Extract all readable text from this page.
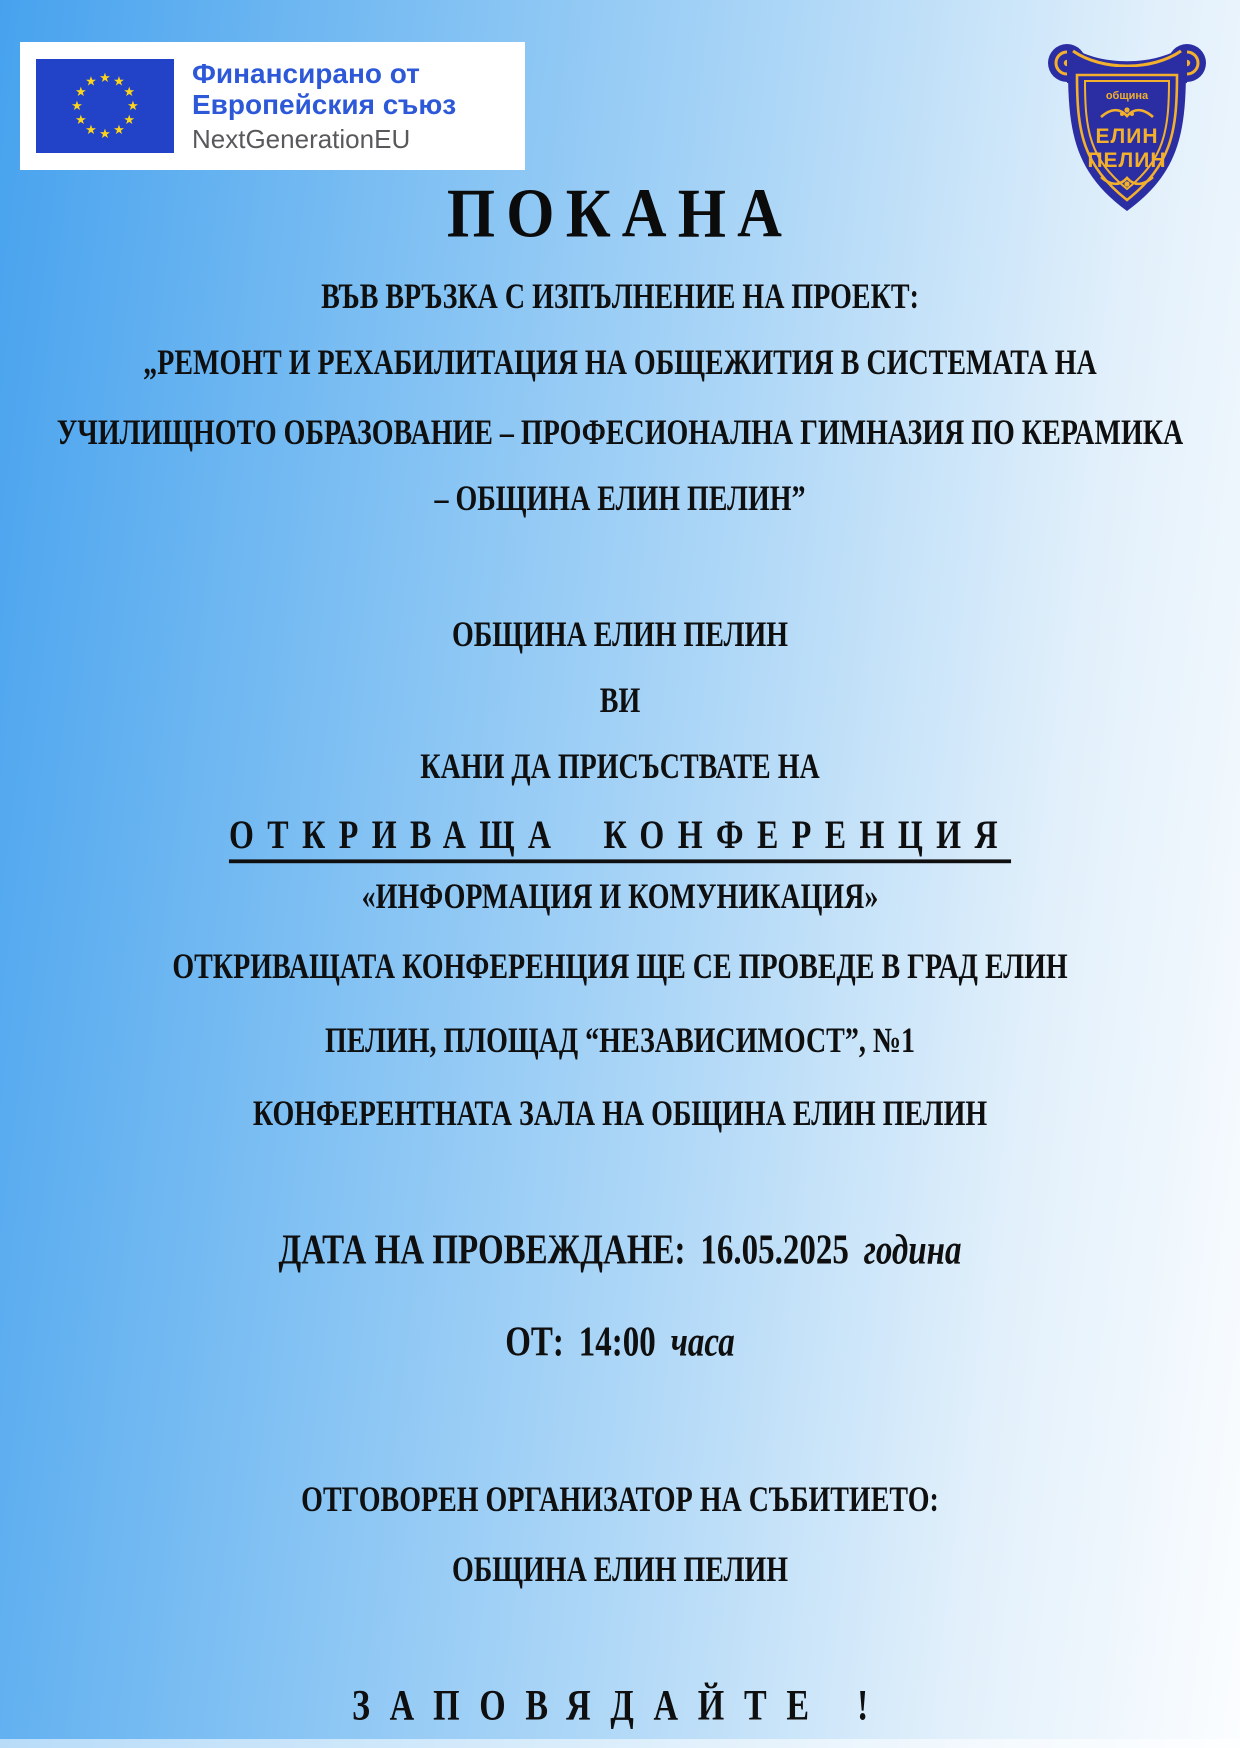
★ ★
★
★
★
★
★
★
★
★
★
★	Финансирано от
Европейския съюз
NextGenerationEU
община
ЕЛИН
ПЕЛИН
ПОКАНА

ВЪВ ВРЪЗКА С ИЗПЪЛНЕНИЕ НА ПРОЕКТ:

„РЕМОНТ И РЕХАБИЛИТАЦИЯ НА ОБЩЕЖИТИЯ В СИСТЕМАТА НА

УЧИЛИЩНОТО ОБРАЗОВАНИЕ – ПРОФЕСИОНАЛНА ГИМНАЗИЯ ПО КЕРАМИКА

– ОБЩИНА ЕЛИН ПЕЛИН”

ОБЩИНА ЕЛИН ПЕЛИН

ВИ

КАНИ ДА ПРИСЪСТВАТЕ НА

ОТКРИВАЩА КОНФЕРЕНЦИЯ

«ИНФОРМАЦИЯ И КОМУНИКАЦИЯ»

ОТКРИВАЩАТА КОНФЕРЕНЦИЯ ЩЕ СЕ ПРОВЕДЕ В ГРАД ЕЛИН

ПЕЛИН, ПЛОЩАД “НЕЗАВИСИМОСТ”, №1

КОНФЕРЕНТНАТА ЗАЛА НА ОБЩИНА ЕЛИН ПЕЛИН

ДАТА НА ПРОВЕЖДАНЕ: 16.05.2025 година

ОТ: 14:00 часа

ОТГОВОРЕН ОРГАНИЗАТОР НА СЪБИТИЕТО:

ОБЩИНА ЕЛИН ПЕЛИН

ЗАПОВЯДАЙТЕ !
